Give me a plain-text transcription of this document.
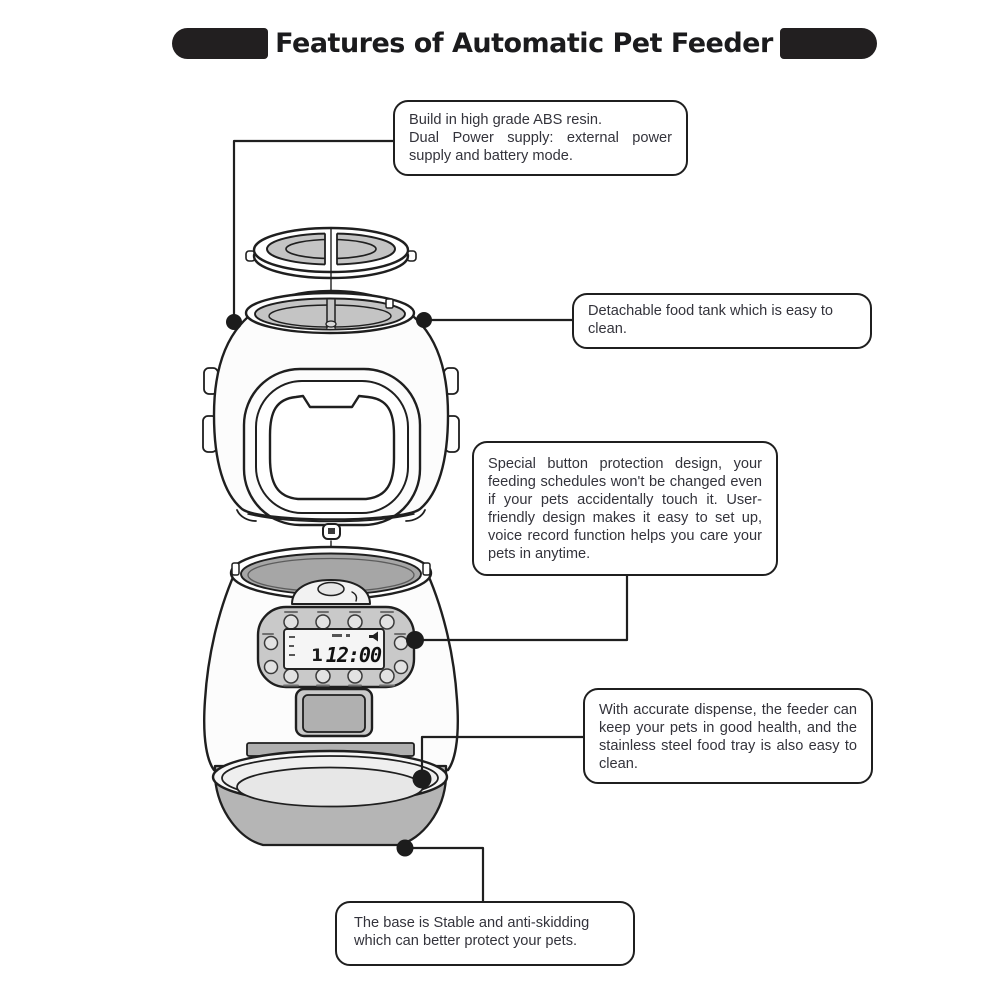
1 12:00
Features of Automatic Pet Feeder

Build in high grade ABS resin.

Dual Power supply: external power supply and battery mode.

Detachable food tank which is easy to clean.

Special button protection design, your feeding schedules won't be changed even if your pets accidentally touch it. User-friendly design makes it easy to set up, voice record function helps you care your pets in anytime.

With accurate dispense, the feeder can keep your pets in good health, and the stainless steel food tray is also easy to clean.

The base is Stable and anti-skidding which can better protect your pets.
